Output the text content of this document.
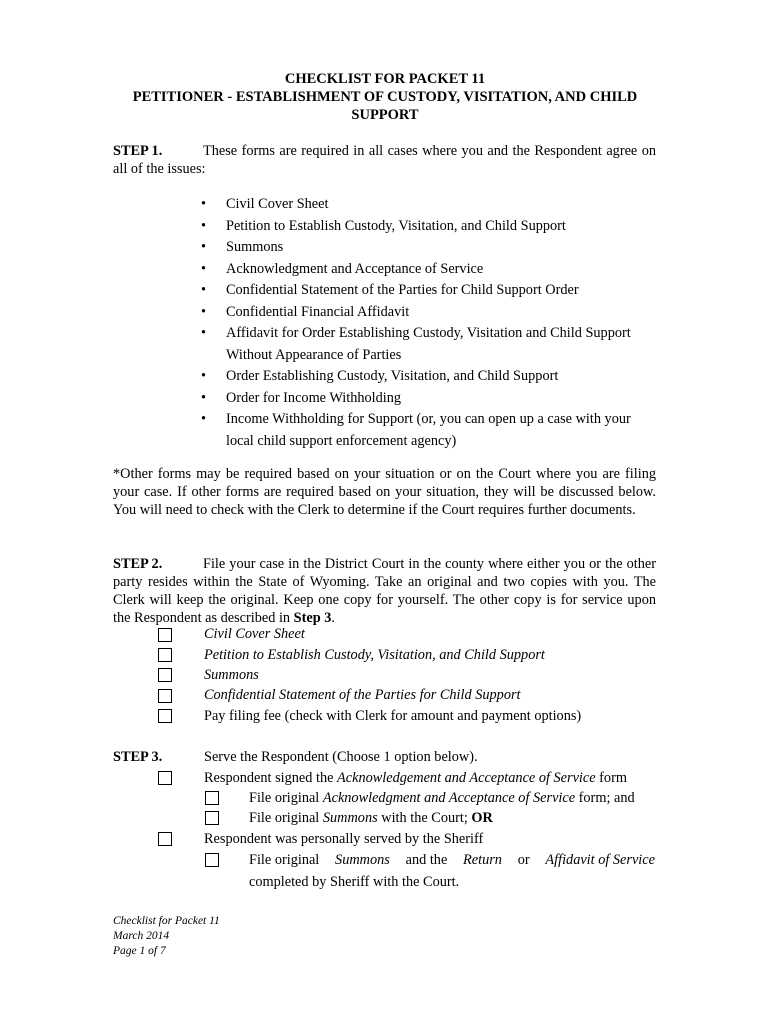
CHECKLIST FOR PACKET 11
PETITIONER - ESTABLISHMENT OF CUSTODY, VISITATION, AND CHILD
SUPPORT
STEP 1.	These forms are required in all cases where you and the Respondent agree on all of the issues:
• Civil Cover Sheet
• Petition to Establish Custody, Visitation, and Child Support
• Summons
• Acknowledgment and Acceptance of Service
• Confidential Statement of the Parties for Child Support Order
• Confidential Financial Affidavit
• Affidavit for Order Establishing Custody, Visitation and Child Support
Without Appearance of Parties
• Order Establishing Custody, Visitation, and Child Support
• Order for Income Withholding
• Income Withholding for Support (or, you can open up a case with your
local child support enforcement agency)
*Other forms may be required based on your situation or on the Court where you are filing your case. If other forms are required based on your situation, they will be discussed below. You will need to check with the Clerk to determine if the Court requires further documents.
STEP 2.	File your case in the District Court in the county where either you or the other party resides within the State of Wyoming. Take an original and two copies with you. The Clerk will keep the original. Keep one copy for yourself. The other copy is for service upon the Respondent as described in Step 3.
Civil Cover Sheet
Petition to Establish Custody, Visitation, and Child Support
Summons
Confidential Statement of the Parties for Child Support
Pay filing fee (check with Clerk for amount and payment options)
STEP 3.	Serve the Respondent (Choose 1 option below).
Respondent signed the Acknowledgement and Acceptance of Service form
File original Acknowledgment and Acceptance of Service form; and
File original Summons with the Court; OR
Respondent was personally served by the Sheriff
File original Summons and the Return or Affidavit of Service
completed by Sheriff with the Court.
Checklist for Packet 11
March 2014
Page 1 of 7
